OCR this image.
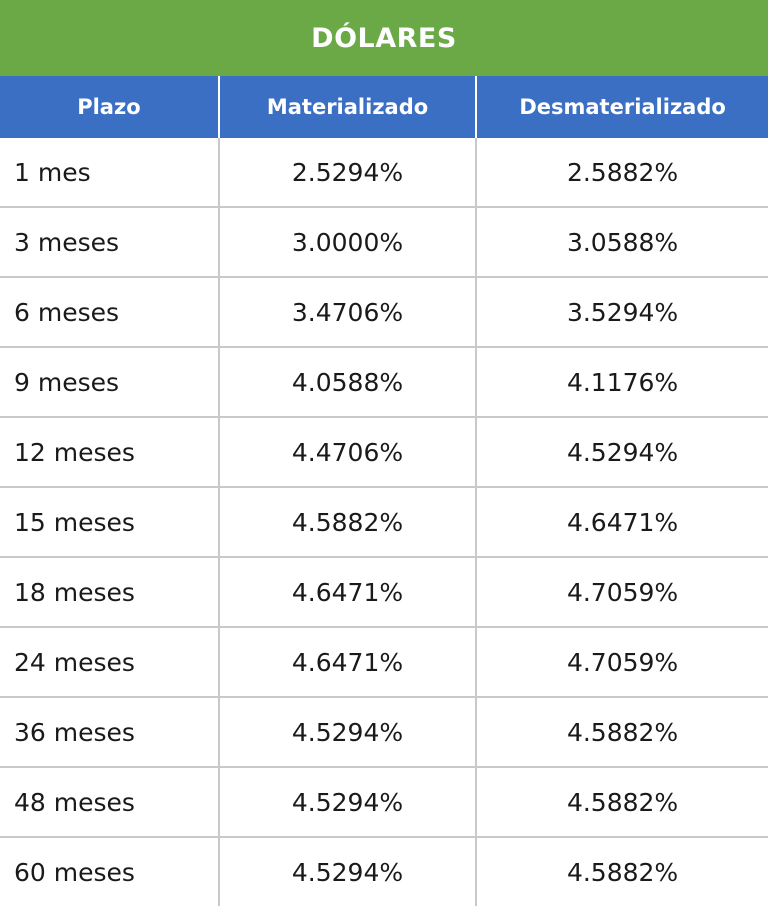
DÓLARES		
Plazo	Materializado	Desmaterializado
1 mes	2.5294%	2.5882%
3 meses	3.0000%	3.0588%
6 meses	3.4706%	3.5294%
9 meses	4.0588%	4.1176%
12 meses	4.4706%	4.5294%
15 meses	4.5882%	4.6471%
18 meses	4.6471%	4.7059%
24 meses	4.6471%	4.7059%
36 meses	4.5294%	4.5882%
48 meses	4.5294%	4.5882%
60 meses	4.5294%	4.5882%
